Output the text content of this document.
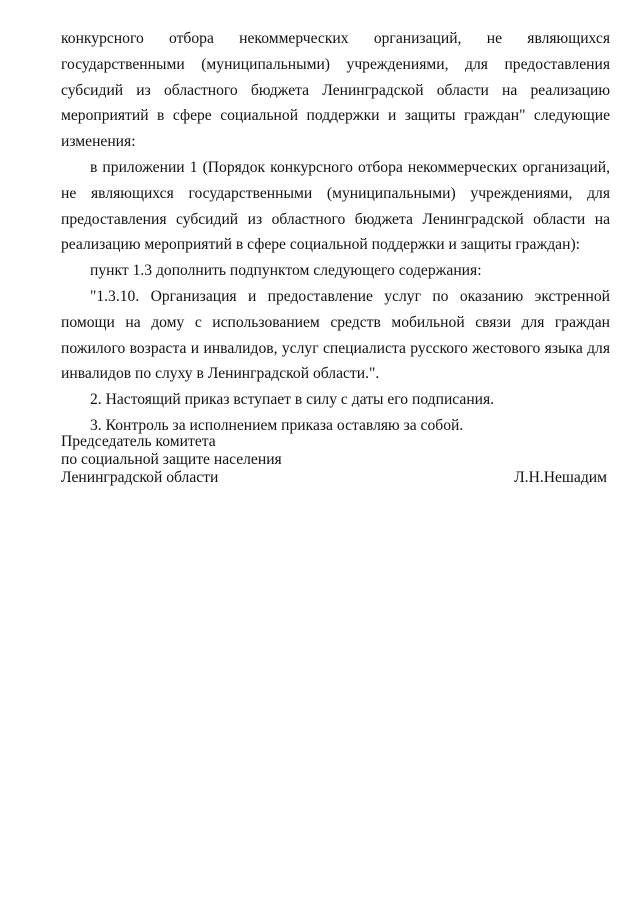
конкурсного отбора некоммерческих организаций, не являющихся государственными (муниципальными) учреждениями, для предоставления субсидий из областного бюджета Ленинградской области на реализацию мероприятий в сфере социальной поддержки и защиты граждан" следующие изменения:

в приложении 1 (Порядок конкурсного отбора некоммерческих организаций, не являющихся государственными (муниципальными) учреждениями, для предоставления субсидий из областного бюджета Ленинградской области на реализацию мероприятий в сфере социальной поддержки и защиты граждан):

пункт 1.3 дополнить подпунктом следующего содержания:

"1.3.10. Организация и предоставление услуг по оказанию экстренной помощи на дому с использованием средств мобильной связи для граждан пожилого возраста и инвалидов, услуг специалиста русского жестового языка для инвалидов по слуху в Ленинградской области.".

2. Настоящий приказ вступает в силу с даты его подписания.

3. Контроль за исполнением приказа оставляю за собой.

Председатель комитета
по социальной защите населения
Ленинградской области	Л.Н.Нешадим
